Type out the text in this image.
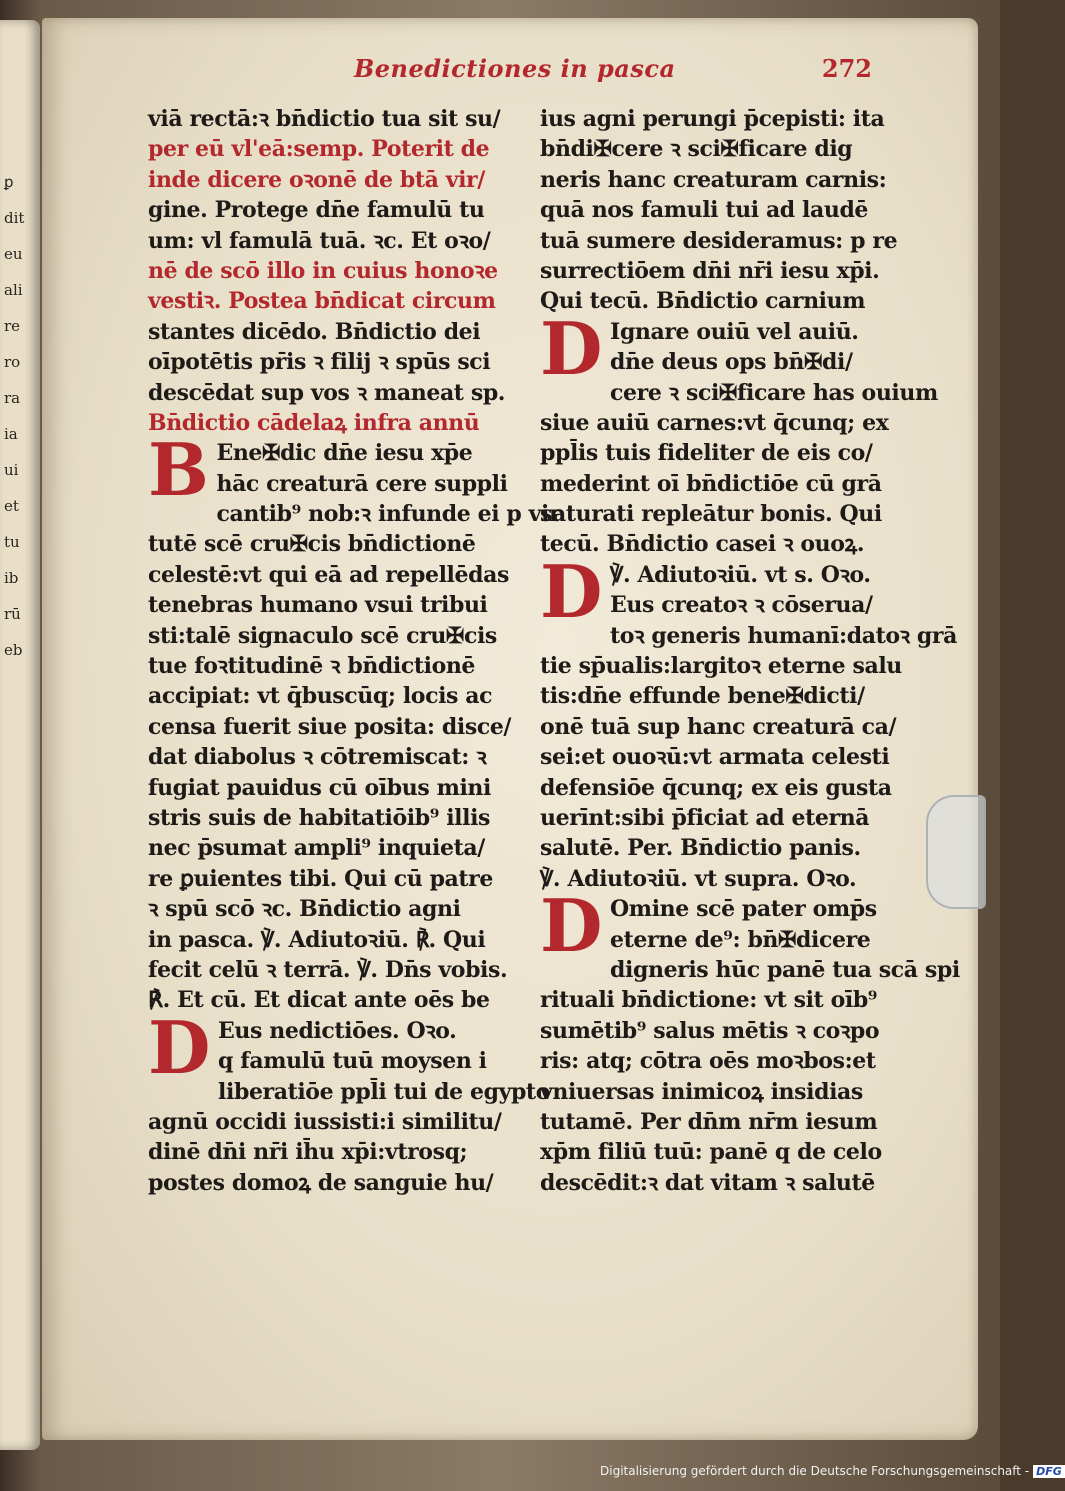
ꝑ
dit
eu
ali
re
ro
ra
ia
ui
et
tu
ib
rū
eb
Benedictiones in pasca	272
viā rectā:ꝛ bn̄dictio tua sit su/
per eū vl'eā:semp. Poterit de
inde dicere oꝛonē de btā vir/
gine. Protege dn̄e famulū tu
um: vl famulā tuā. ꝛc. Et oꝛo/
nē de scō illo in cuius honoꝛe
vestiꝛ. Postea bn̄dicat circum
stantes dicēdo. Bn̄dictio dei
oīpotētis pr̄is ꝛ filij ꝛ spūs sci
descēdat sup vos ꝛ maneat sp.
Bn̄dictio cādelaꝝ infra annū
B Ene✠dic dn̄e iesu xp̄e
hāc creaturā cere suppli
cantib⁹ nob:ꝛ infunde ei p vir
tutē scē cru✠cis bn̄dictionē
celestē:vt qui eā ad repellēdas
tenebras humano vsui tribui
sti:talē signaculo scē cru✠cis
tue foꝛtitudinē ꝛ bn̄dictionē
accipiat: vt q̄buscūq; locis ac
censa fuerit siue posita: disce/
dat diabolus ꝛ cōtremiscat: ꝛ
fugiat pauidus cū oībus mini
stris suis de habitatiōib⁹ illis
nec p̄sumat ampli⁹ inquieta/
re ꝑuientes tibi. Qui cū patre
ꝛ spū scō ꝛc. Bn̄dictio agni
in pasca. ℣. Adiutoꝛiū. ℟. Qui
fecit celū ꝛ terrā. ℣. Dn̄s vobis.
℟. Et cū. Et dicat ante oēs be
D Eus nedictiōes. Oꝛo.
q famulū tuū moysen i
liberatiōe ppl̄i tui de egypto
agnū occidi iussisti:i similitu/
dinē dn̄i nr̄i ih̄u xp̄i:vtrosq;
postes domoꝝ de sanguie hu/
ius agni perungi p̄cepisti: ita
bn̄di✠cere ꝛ sci✠ficare dig
neris hanc creaturam carnis:
quā nos famuli tui ad laudē
tuā sumere desideramus: p re
surrectiōem dn̄i nr̄i iesu xp̄i.
Qui tecū. Bn̄dictio carnium
D Ignare ouiū vel auiū.
dn̄e deus ops bn̄✠di/
cere ꝛ sci✠ficare has ouium
siue auiū carnes:vt q̄cunq; ex
ppl̄is tuis fideliter de eis co/
mederint oī bn̄dictiōe cū grā
saturati repleātur bonis. Qui
tecū. Bn̄dictio casei ꝛ ouoꝝ.
D ℣. Adiutoꝛiū. vt s. Oꝛo.
Eus creatoꝛ ꝛ cōserua/
toꝛ generis humanī:datoꝛ grā
tie sp̄ualis:largitoꝛ eterne salu
tis:dn̄e effunde bene✠dicti/
onē tuā sup hanc creaturā ca/
sei:et ouoꝛū:vt armata celesti
defensiōe q̄cunq; ex eis gusta
uerīnt:sibi p̄ficiat ad eternā
salutē. Per. Bn̄dictio panis.
℣. Adiutoꝛiū. vt supra. Oꝛo.
D Omine scē pater omp̄s
eterne de⁹: bn̄✠dicere
digneris hūc panē tua scā spi
rituali bn̄dictione: vt sit oīb⁹
sumētib⁹ salus mētis ꝛ coꝛpo
ris: atq; cōtra oēs moꝛbos:et
vniuersas inimicoꝝ insidias
tutamē. Per dn̄m nr̄m iesum
xp̄m filiū tuū: panē q de celo
descēdit:ꝛ dat vitam ꝛ salutē
Digitalisierung gefördert durch die Deutsche Forschungsgemeinschaft - DFG
